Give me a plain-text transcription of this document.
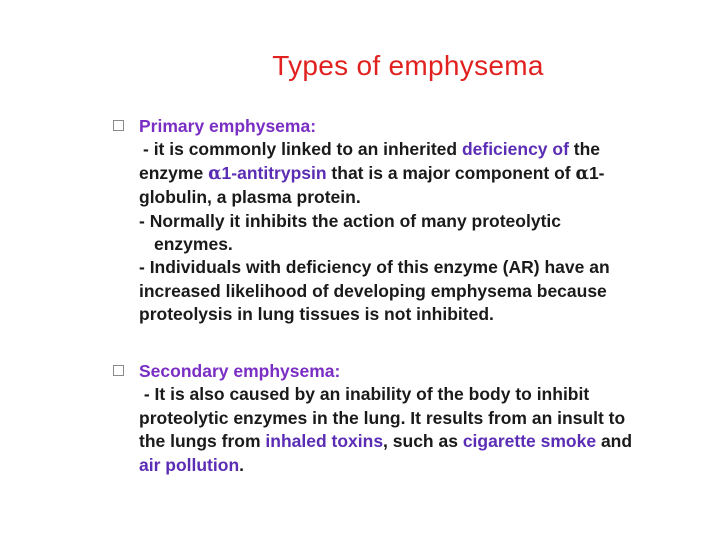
Types of emphysema
Primary emphysema:
- it is commonly linked to an inherited deficiency of the
enzyme α1-antitrypsin that is a major component of α1-
globulin, a plasma protein.
- Normally it inhibits the action of many proteolytic
enzymes.
- Individuals with deficiency of this enzyme (AR) have an
increased likelihood of developing emphysema because
proteolysis in lung tissues is not inhibited.
Secondary emphysema:
- It is also caused by an inability of the body to inhibit
proteolytic enzymes in the lung. It results from an insult to
the lungs from inhaled toxins, such as cigarette smoke and
air pollution.
